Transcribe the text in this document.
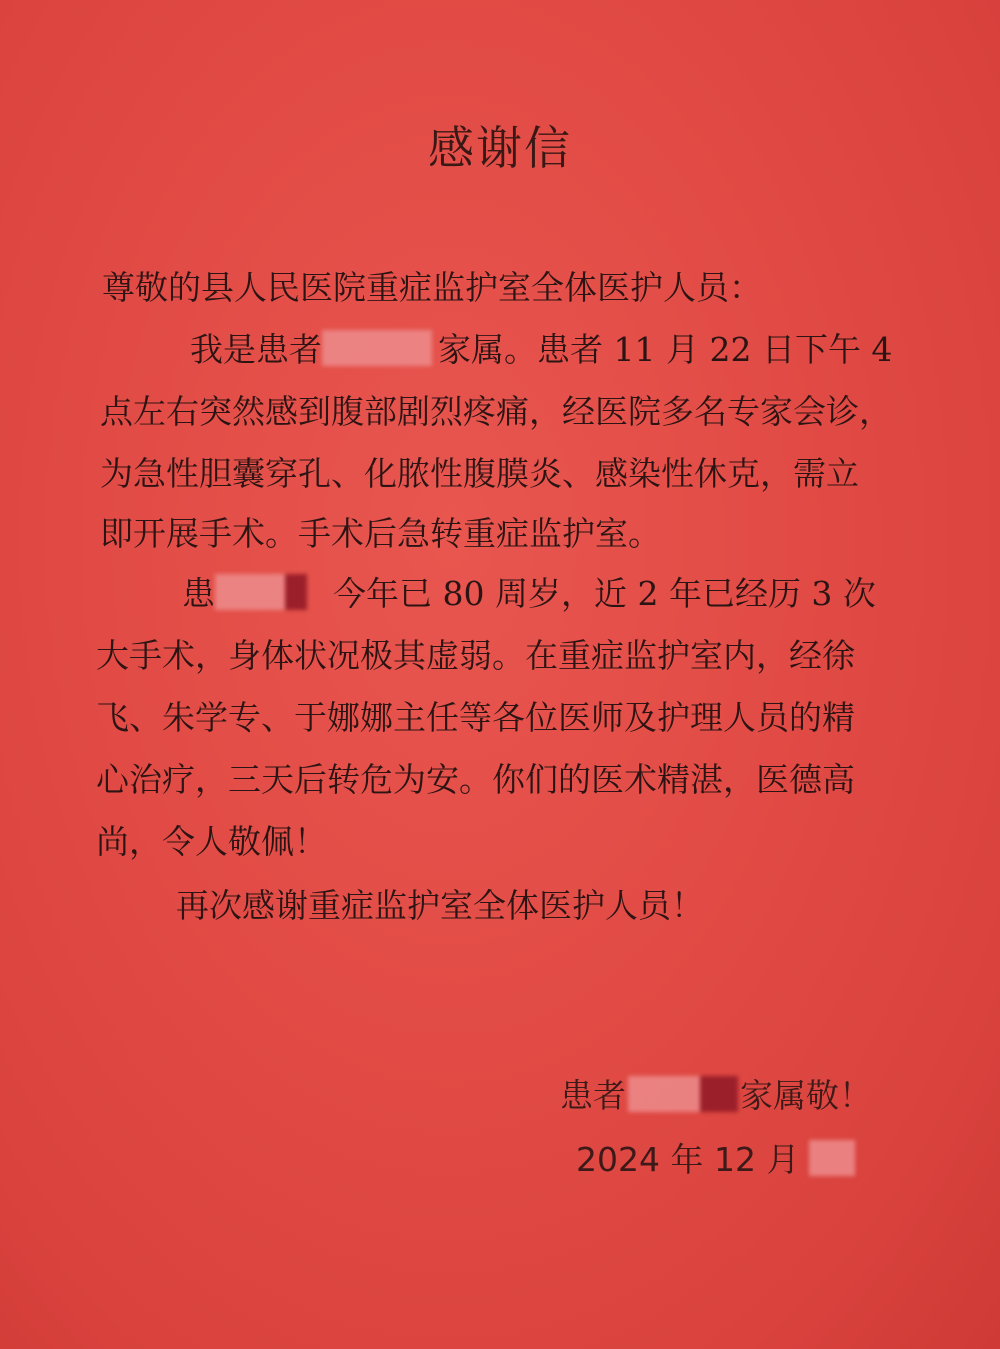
感谢信
尊敬的县人民医院重症监护室全体医护人员：
我是患者	家属。患者 11 月 22 日下午 4
点左右突然感到腹部剧烈疼痛，经医院多名专家会诊，
为急性胆囊穿孔、化脓性腹膜炎、感染性休克，需立
即开展手术。手术后急转重症监护室。
患	今年已 80 周岁，近 2 年已经历 3 次
大手术，身体状况极其虚弱。在重症监护室内，经徐
飞、朱学专、于娜娜主任等各位医师及护理人员的精
心治疗，三天后转危为安。你们的医术精湛，医德高
尚，令人敬佩！
再次感谢重症监护室全体医护人员！
患者	家属敬！
2024 年 12 月
